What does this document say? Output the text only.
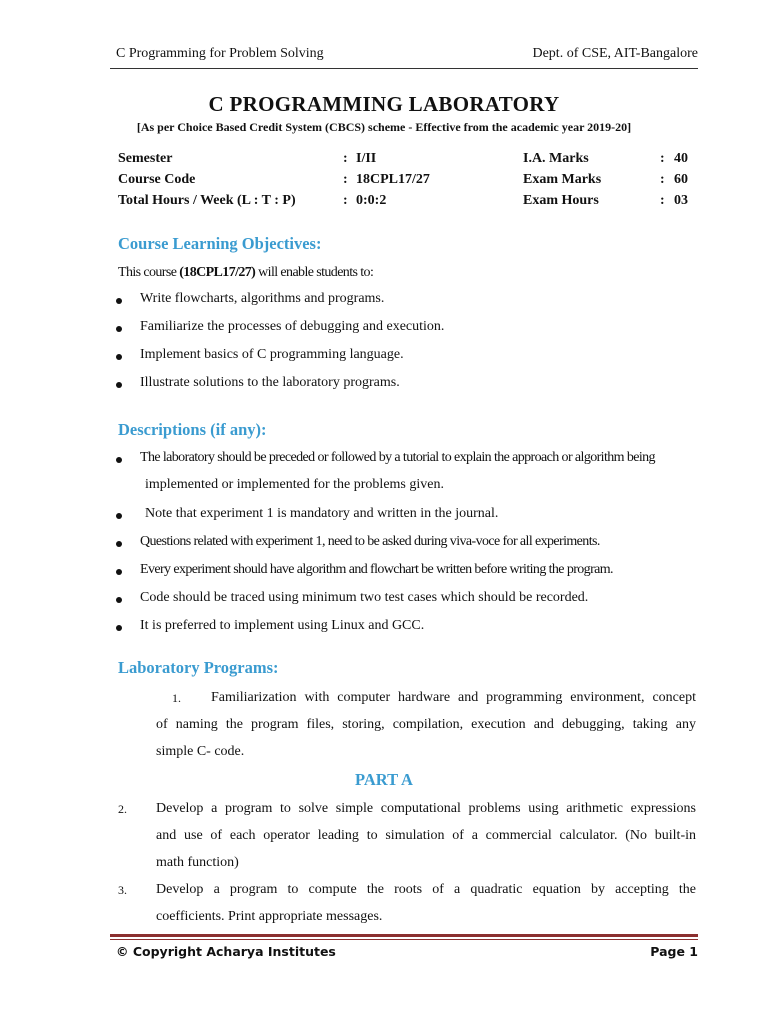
C Programming for Problem Solving	Dept. of CSE, AIT-Bangalore
C PROGRAMMING LABORATORY
[As per Choice Based Credit System (CBCS) scheme - Effective from the academic year 2019-20]
Semester	: I/II	I.A. Marks	: 40
Course Code	: 18CPL17/27	Exam Marks	: 60
Total Hours / Week (L : T : P)	: 0:0:2	Exam Hours	: 03
Course Learning Objectives:
This course (18CPL17/27) will enable students to:
Write flowcharts, algorithms and programs.
Familiarize the processes of debugging and execution.
Implement basics of C programming language.
Illustrate solutions to the laboratory programs.
Descriptions (if any):
The laboratory should be preceded or followed by a tutorial to explain the approach or algorithm being
implemented or implemented for the problems given.
Note that experiment 1 is mandatory and written in the journal.
Questions related with experiment 1, need to be asked during viva-voce for all experiments.
Every experiment should have algorithm and flowchart be written before writing the program.
Code should be traced using minimum two test cases which should be recorded.
It is preferred to implement using Linux and GCC.
Laboratory Programs:
1. Familiarization with computer hardware and programming environment, concept
of naming the program files, storing, compilation, execution and debugging, taking any
simple C- code.
PART A
2. Develop a program to solve simple computational problems using arithmetic expressions
and use of each operator leading to simulation of a commercial calculator. (No built-in
math function)
3. Develop a program to compute the roots of a quadratic equation by accepting the
coefficients. Print appropriate messages.
© Copyright Acharya Institutes	Page 1
